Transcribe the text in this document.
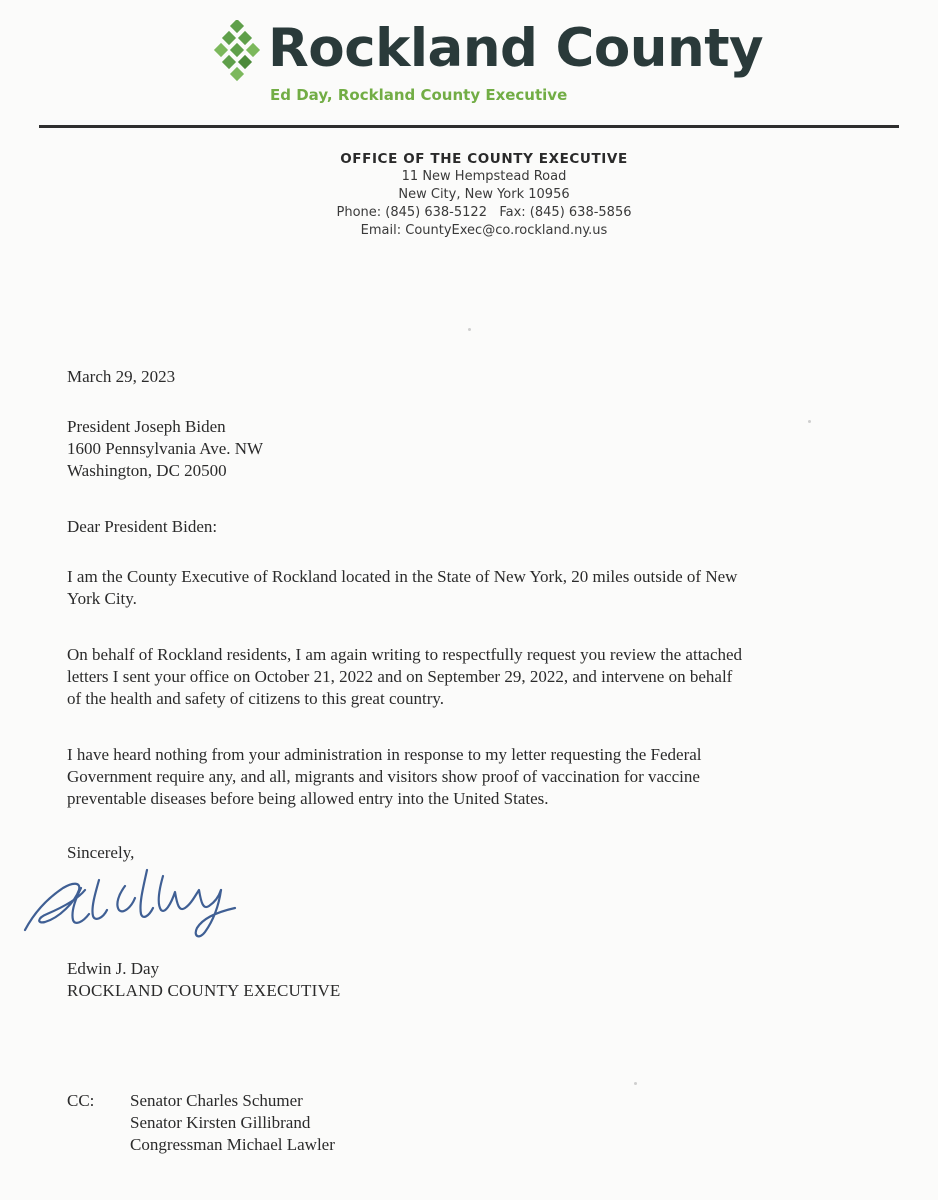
Rockland County
Ed Day, Rockland County Executive
OFFICE OF THE COUNTY EXECUTIVE
11 New Hempstead Road
New City, New York 10956
Phone: (845) 638-5122   Fax: (845) 638-5856
Email: CountyExec@co.rockland.ny.us
March 29, 2023
President Joseph Biden
1600 Pennsylvania Ave. NW
Washington, DC 20500
Dear President Biden:
I am the County Executive of Rockland located in the State of New York, 20 miles outside of New
York City.
On behalf of Rockland residents, I am again writing to respectfully request you review the attached
letters I sent your office on October 21, 2022 and on September 29, 2022, and intervene on behalf
of the health and safety of citizens to this great country.
I have heard nothing from your administration in response to my letter requesting the Federal
Government require any, and all, migrants and visitors show proof of vaccination for vaccine
preventable diseases before being allowed entry into the United States.
Sincerely,
Edwin J. Day
ROCKLAND COUNTY EXECUTIVE
CC: Senator Charles Schumer
Senator Kirsten Gillibrand
Congressman Michael Lawler
